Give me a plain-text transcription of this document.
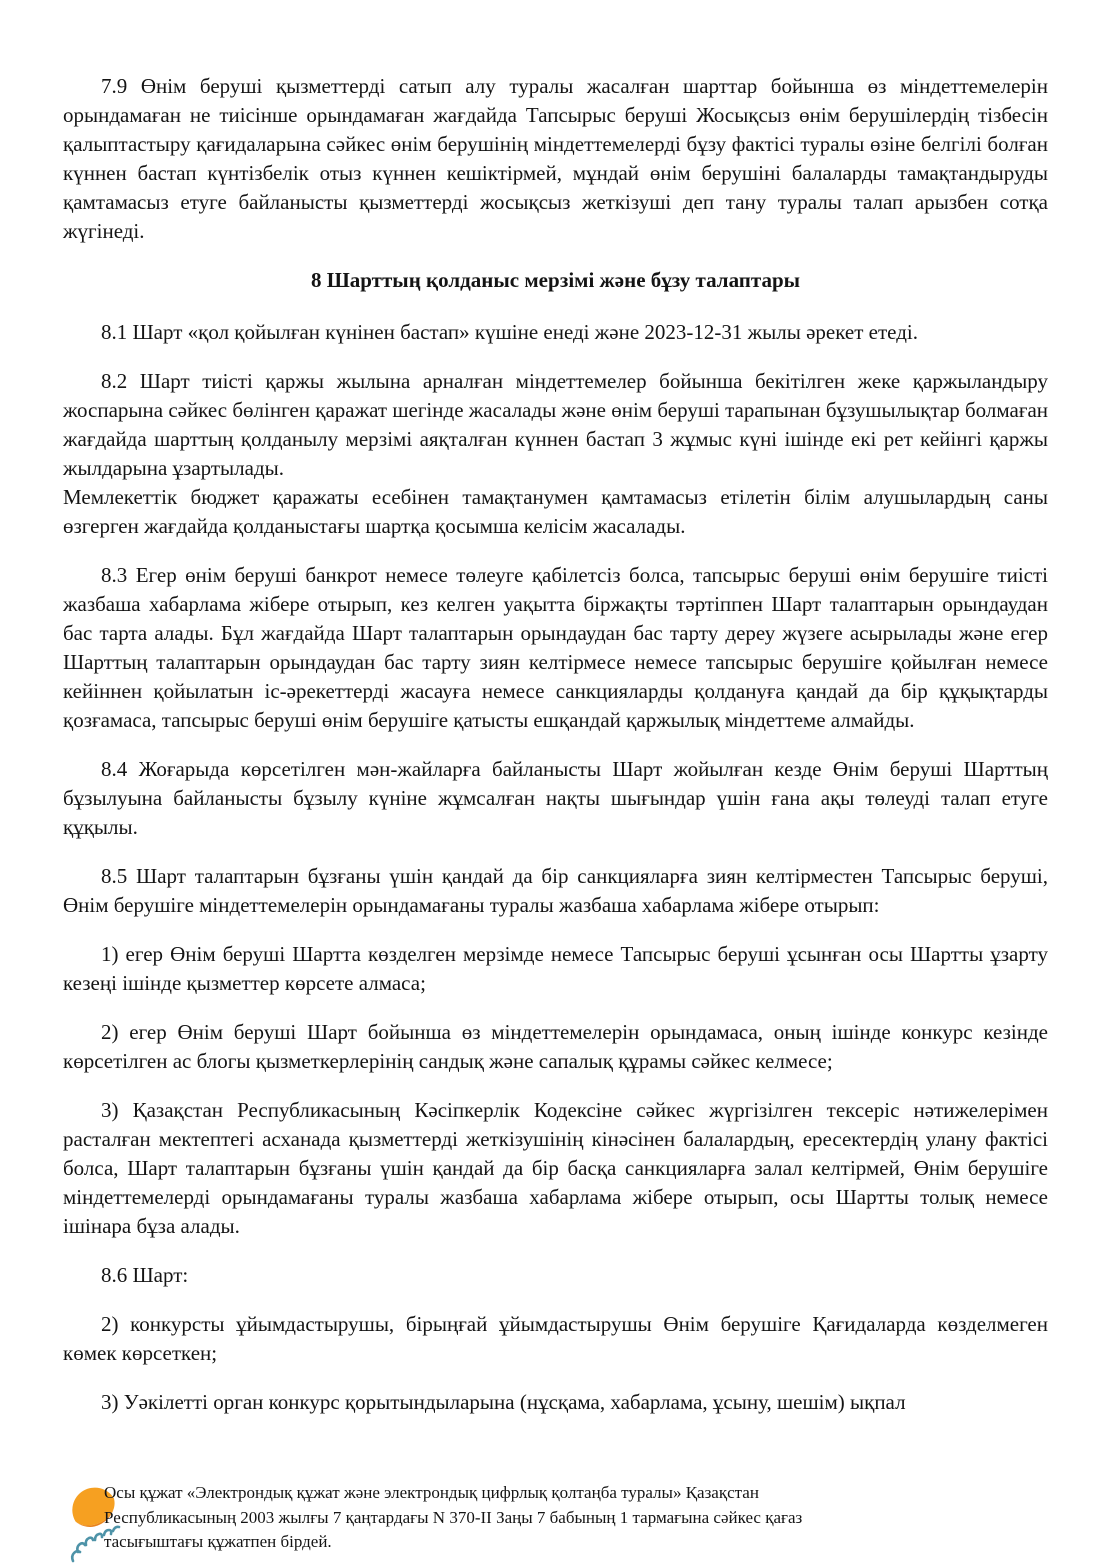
7.9 Өнім беруші қызметтерді сатып алу туралы жасалған шарттар бойынша өз міндеттемелерін орындамаған не тиісінше орындамаған жағдайда Тапсырыс беруші Жосықсыз өнім берушілердің тізбесін қалыптастыру қағидаларына сәйкес өнім берушінің міндеттемелерді бұзу фактісі туралы өзіне белгілі болған күннен бастап күнтізбелік отыз күннен кешіктірмей, мұндай өнім берушіні балаларды тамақтандыруды қамтамасыз етуге байланысты қызметтерді жосықсыз жеткізуші деп тану туралы талап арызбен сотқа жүгінеді.

8 Шарттың қолданыс мерзімі және бұзу талаптары

8.1 Шарт «қол қойылған күнінен бастап» күшіне енеді және 2023-12-31 жылы әрекет етеді.

8.2 Шарт тиісті қаржы жылына арналған міндеттемелер бойынша бекітілген жеке қаржыландыру жоспарына сәйкес бөлінген қаражат шегінде жасалады және өнім беруші тарапынан бұзушылықтар болмаған жағдайда шарттың қолданылу мерзімі аяқталған күннен бастап 3 жұмыс күні ішінде екі рет кейінгі қаржы жылдарына ұзартылады.

Мемлекеттік бюджет қаражаты есебінен тамақтанумен қамтамасыз етілетін білім алушылардың саны өзгерген жағдайда қолданыстағы шартқа қосымша келісім жасалады.

8.3 Егер өнім беруші банкрот немесе төлеуге қабілетсіз болса, тапсырыс беруші өнім берушіге тиісті жазбаша хабарлама жібере отырып, кез келген уақытта біржақты тәртіппен Шарт талаптарын орындаудан бас тарта алады. Бұл жағдайда Шарт талаптарын орындаудан бас тарту дереу жүзеге асырылады және егер Шарттың талаптарын орындаудан бас тарту зиян келтірмесе немесе тапсырыс берушіге қойылған немесе кейіннен қойылатын іс-әрекеттерді жасауға немесе санкцияларды қолдануға қандай да бір құқықтарды қозғамаса, тапсырыс беруші өнім берушіге қатысты ешқандай қаржылық міндеттеме алмайды.

8.4 Жоғарыда көрсетілген мән-жайларға байланысты Шарт жойылған кезде Өнім беруші Шарттың бұзылуына байланысты бұзылу күніне жұмсалған нақты шығындар үшін ғана ақы төлеуді талап етуге құқылы.

8.5 Шарт талаптарын бұзғаны үшін қандай да бір санкцияларға зиян келтірместен Тапсырыс беруші, Өнім берушіге міндеттемелерін орындамағаны туралы жазбаша хабарлама жібере отырып:

1) егер Өнім беруші Шартта көзделген мерзімде немесе Тапсырыс беруші ұсынған осы Шартты ұзарту кезеңі ішінде қызметтер көрсете алмаса;

2) егер Өнім беруші Шарт бойынша өз міндеттемелерін орындамаса, оның ішінде конкурс кезінде көрсетілген ас блогы қызметкерлерінің сандық және сапалық құрамы сәйкес келмесе;

3) Қазақстан Республикасының Кәсіпкерлік Кодексіне сәйкес жүргізілген тексеріс нәтижелерімен расталған мектептегі асханада қызметтерді жеткізушінің кінәсінен балалардың, ересектердің улану фактісі болса, Шарт талаптарын бұзғаны үшін қандай да бір басқа санкцияларға залал келтірмей, Өнім берушіге міндеттемелерді орындамағаны туралы жазбаша хабарлама жібере отырып, осы Шартты толық немесе ішінара бұза алады.

8.6 Шарт:

2) конкурсты ұйымдастырушы, бірыңғай ұйымдастырушы Өнім берушіге Қағидаларда көзделмеген көмек көрсеткен;

3) Уәкілетті орган конкурс қорытындыларына (нұсқама, хабарлама, ұсыну, шешім) ықпал

Осы құжат «Электрондық құжат және электрондық цифрлық қолтаңба туралы» Қазақстан
Республикасының 2003 жылғы 7 қаңтардағы N 370-II Заңы 7 бабының 1 тармағына сәйкес қағаз
тасығыштағы құжатпен бірдей.
